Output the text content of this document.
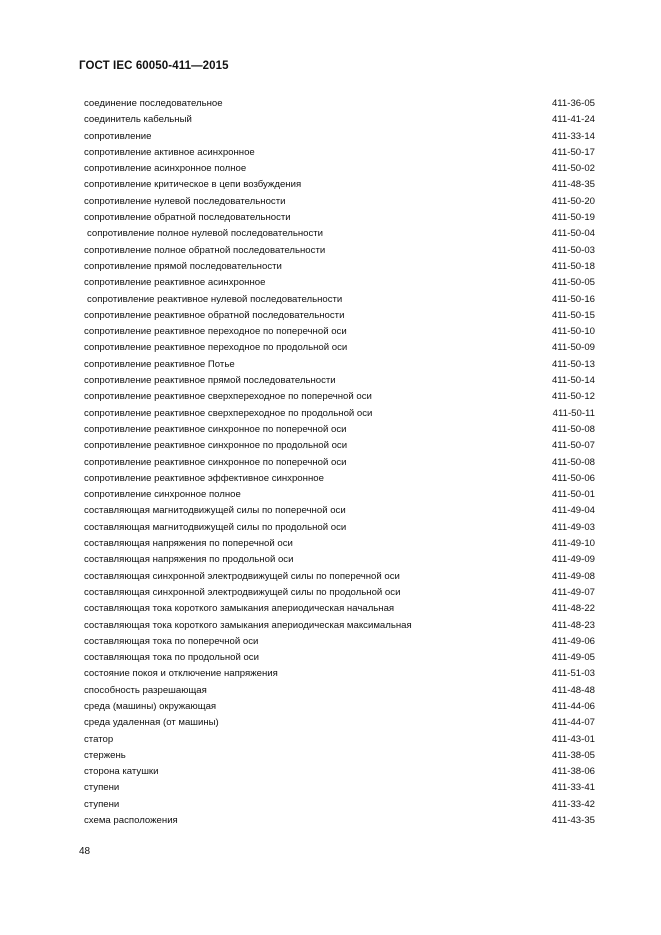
ГОСТ IEC 60050-411—2015
соединение последовательное	411-36-05
соединитель кабельный	411-41-24
сопротивление	411-33-14
сопротивление активное асинхронное	411-50-17
сопротивление асинхронное полное	411-50-02
сопротивление критическое в цепи возбуждения	411-48-35
сопротивление нулевой последовательности	411-50-20
сопротивление обратной последовательности	411-50-19
сопротивление полное нулевой последовательности	411-50-04
сопротивление полное обратной последовательности	411-50-03
сопротивление прямой последовательности	411-50-18
сопротивление реактивное асинхронное	411-50-05
сопротивление реактивное нулевой последовательности	411-50-16
сопротивление реактивное обратной последовательности	411-50-15
сопротивление реактивное переходное по поперечной оси	411-50-10
сопротивление реактивное переходное по продольной оси	411-50-09
сопротивление реактивное Потье	411-50-13
сопротивление реактивное прямой последовательности	411-50-14
сопротивление реактивное сверхпереходное по поперечной оси	411-50-12
сопротивление реактивное сверхпереходное по продольной оси	411-50-11
сопротивление реактивное синхронное по поперечной оси	411-50-08
сопротивление реактивное синхронное по продольной оси	411-50-07
сопротивление реактивное синхронное по поперечной оси	411-50-08
сопротивление реактивное эффективное синхронное	411-50-06
сопротивление синхронное полное	411-50-01
составляющая магнитодвижущей силы по поперечной оси	411-49-04
составляющая магнитодвижущей силы по продольной оси	411-49-03
составляющая напряжения по поперечной оси	411-49-10
составляющая напряжения по продольной оси	411-49-09
составляющая синхронной электродвижущей силы по поперечной оси	411-49-08
составляющая синхронной электродвижущей силы по продольной оси	411-49-07
составляющая тока короткого замыкания апериодическая начальная	411-48-22
составляющая тока короткого замыкания апериодическая максимальная	411-48-23
составляющая тока по поперечной оси	411-49-06
составляющая тока по продольной оси	411-49-05
состояние покоя и отключение напряжения	411-51-03
способность разрешающая	411-48-48
среда (машины) окружающая	411-44-06
среда удаленная (от машины)	411-44-07
статор	411-43-01
стержень	411-38-05
сторона катушки	411-38-06
ступени	411-33-41
ступени	411-33-42
схема расположения	411-43-35
48
